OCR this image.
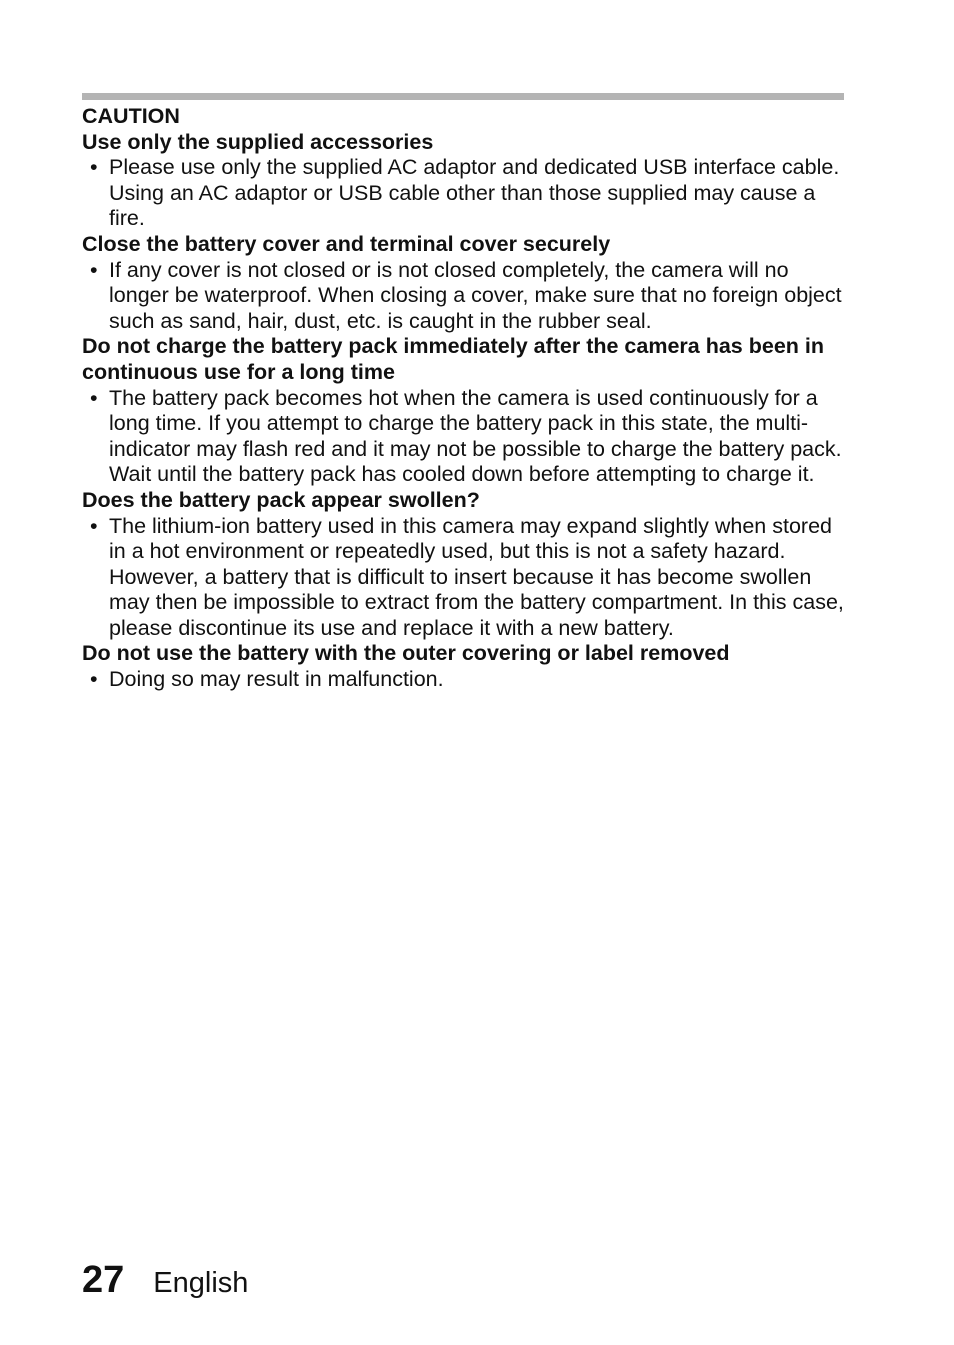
CAUTION

Use only the supplied accessories

• Please use only the supplied AC adaptor and dedicated USB interface cable. Using an AC adaptor or USB cable other than those supplied may cause a fire.

Close the battery cover and terminal cover securely

• If any cover is not closed or is not closed completely, the camera will no longer be waterproof. When closing a cover, make sure that no foreign object such as sand, hair, dust, etc. is caught in the rubber seal.

Do not charge the battery pack immediately after the camera has been in continuous use for a long time

• The battery pack becomes hot when the camera is used continuously for a long time. If you attempt to charge the battery pack in this state, the multi-indicator may flash red and it may not be possible to charge the battery pack. Wait until the battery pack has cooled down before attempting to charge it.

Does the battery pack appear swollen?

• The lithium-ion battery used in this camera may expand slightly when stored in a hot environment or repeatedly used, but this is not a safety hazard. However, a battery that is difficult to insert because it has become swollen may then be impossible to extract from the battery compartment. In this case, please discontinue its use and replace it with a new battery.

Do not use the battery with the outer covering or label removed

• Doing so may result in malfunction.

27 English
